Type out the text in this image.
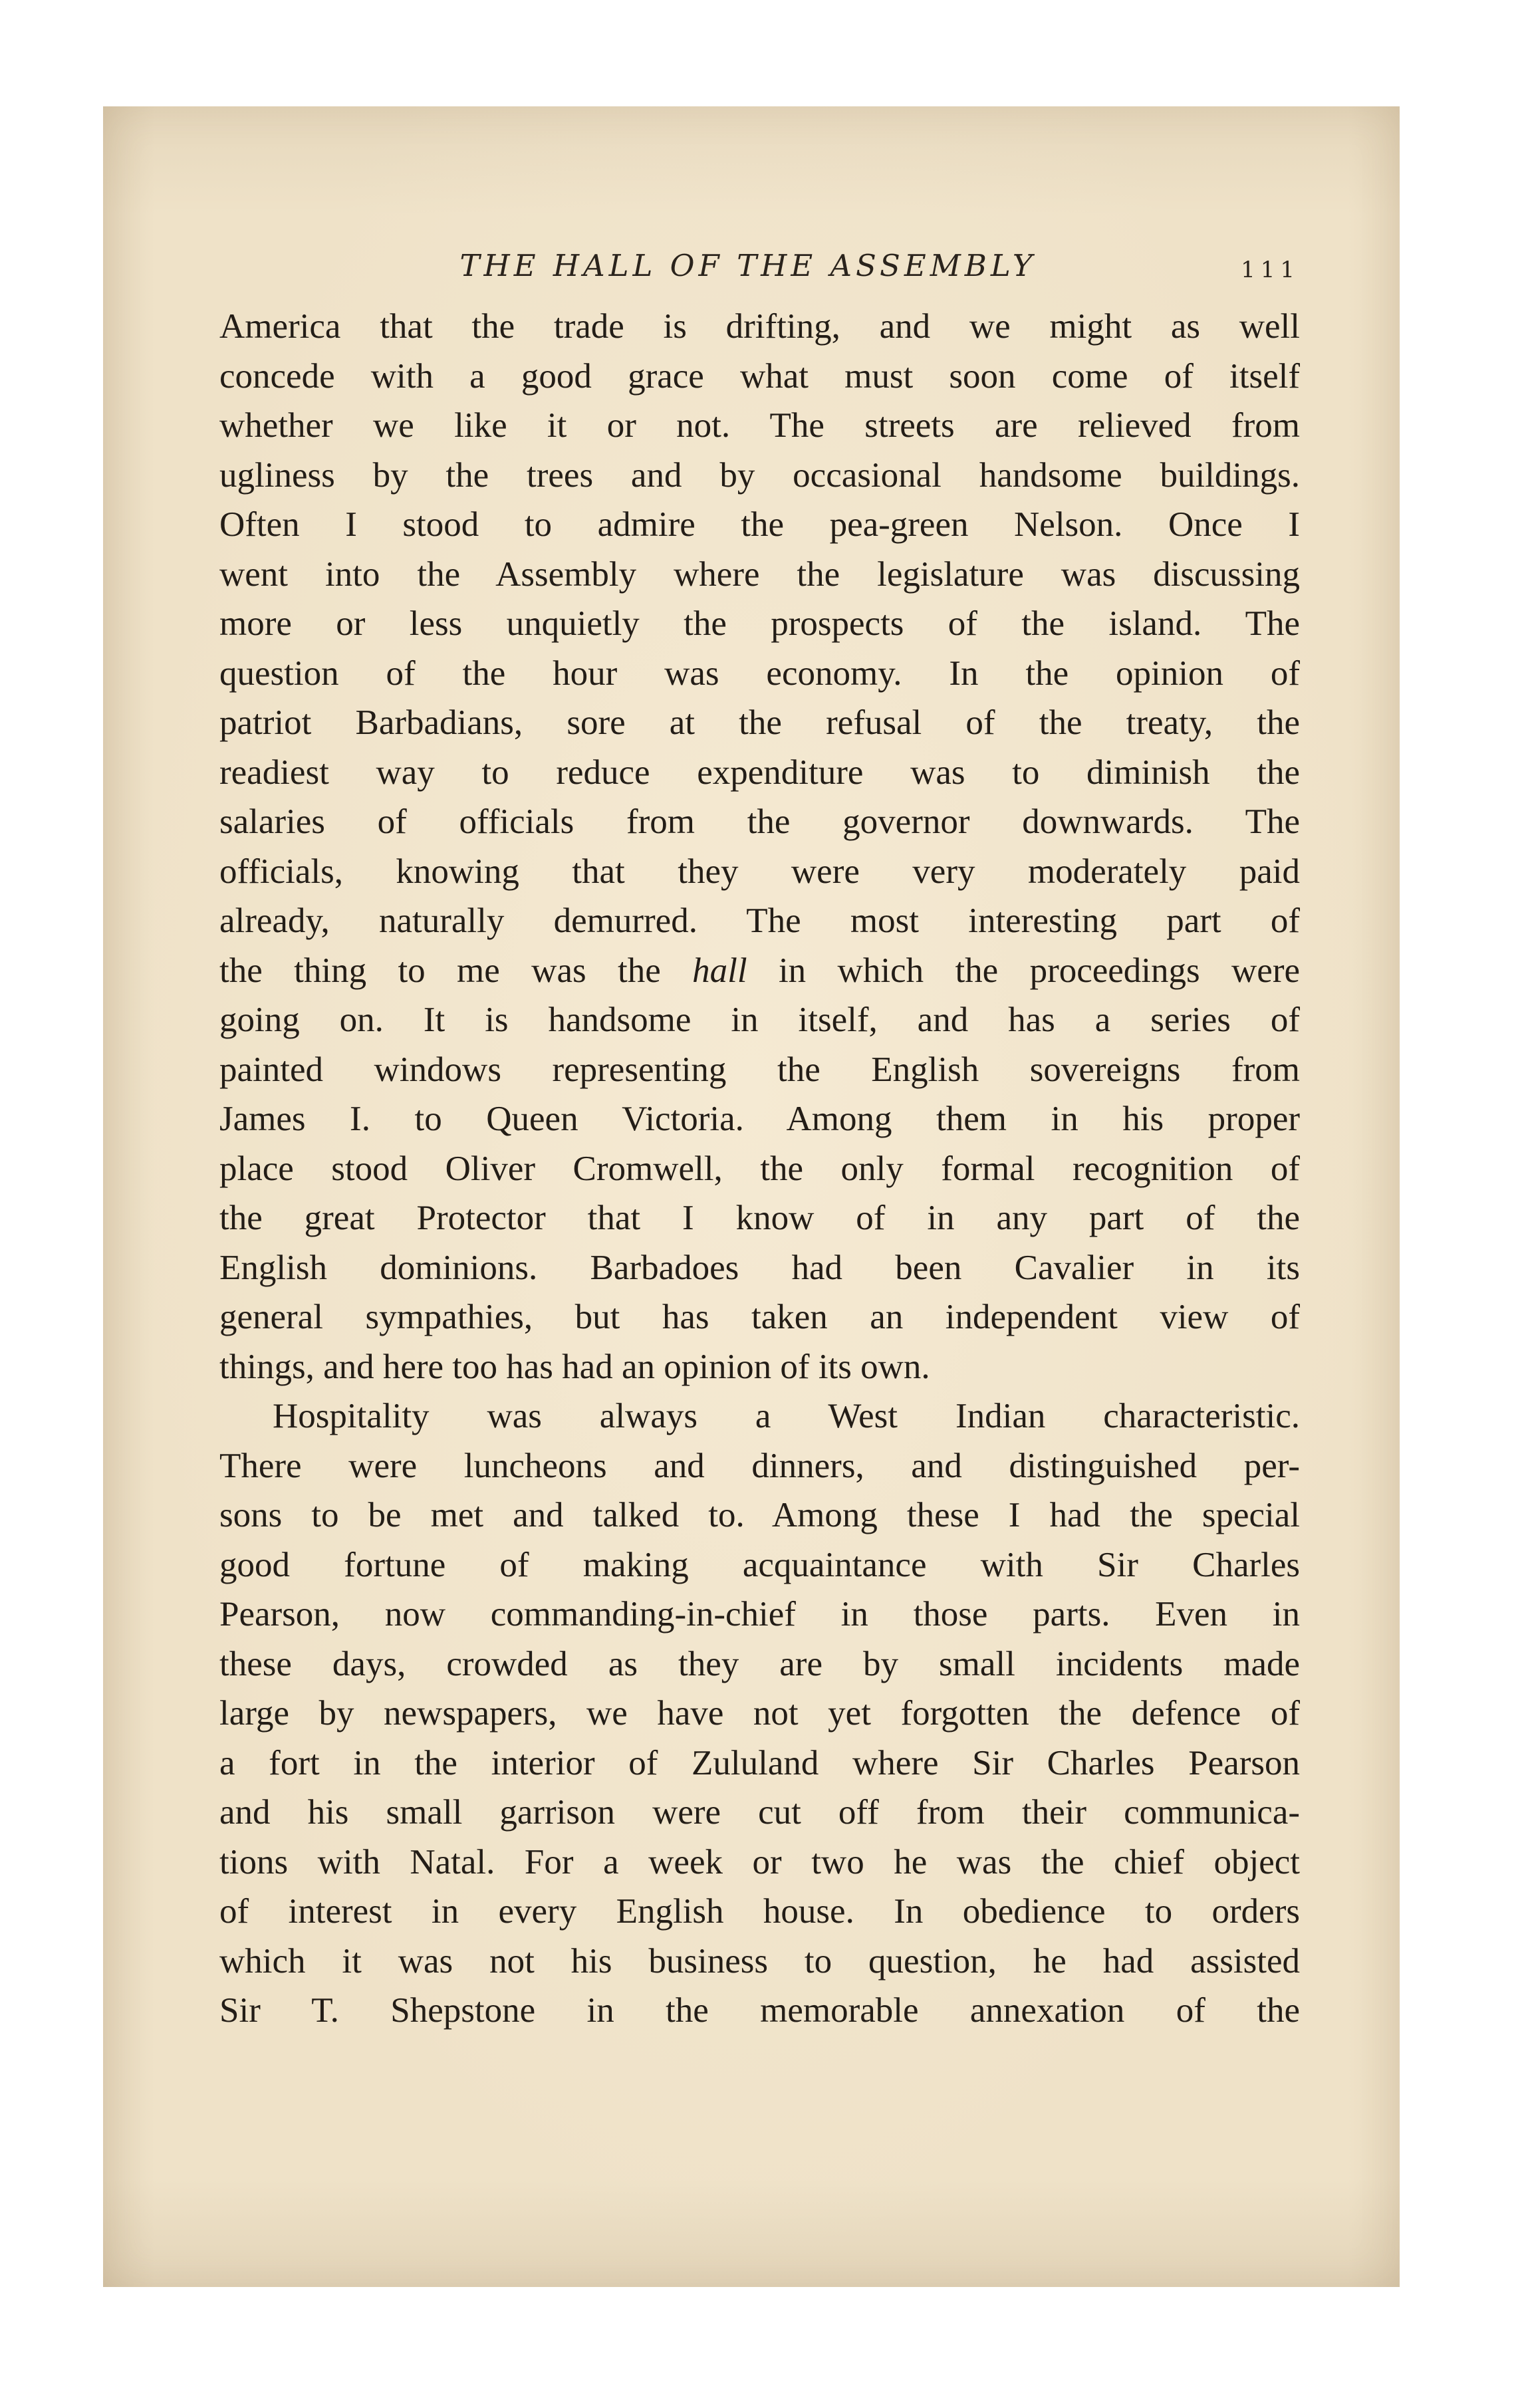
THE HALL OF THE ASSEMBLY	111
America that the trade is drifting, and we might as well
concede with a good grace what must soon come of itself
whether we like it or not. The streets are relieved from
ugliness by the trees and by occasional handsome buildings.
Often I stood to admire the pea-green Nelson. Once I
went into the Assembly where the legislature was discussing
more or less unquietly the prospects of the island. The
question of the hour was economy. In the opinion of
patriot Barbadians, sore at the refusal of the treaty, the
readiest way to reduce expenditure was to diminish the
salaries of officials from the governor downwards. The
officials, knowing that they were very moderately paid
already, naturally demurred. The most interesting part of
the thing to me was the hall in which the proceedings were
going on. It is handsome in itself, and has a series of
painted windows representing the English sovereigns from
James I. to Queen Victoria. Among them in his proper
place stood Oliver Cromwell, the only formal recognition of
the great Protector that I know of in any part of the
English dominions. Barbadoes had been Cavalier in its
general sympathies, but has taken an independent view of
things, and here too has had an opinion of its own.
Hospitality was always a West Indian characteristic.
There were luncheons and dinners, and distinguished per-
sons to be met and talked to. Among these I had the special
good fortune of making acquaintance with Sir Charles
Pearson, now commanding-in-chief in those parts. Even in
these days, crowded as they are by small incidents made
large by newspapers, we have not yet forgotten the defence of
a fort in the interior of Zululand where Sir Charles Pearson
and his small garrison were cut off from their communica-
tions with Natal. For a week or two he was the chief object
of interest in every English house. In obedience to orders
which it was not his business to question, he had assisted
Sir T. Shepstone in the memorable annexation of the
